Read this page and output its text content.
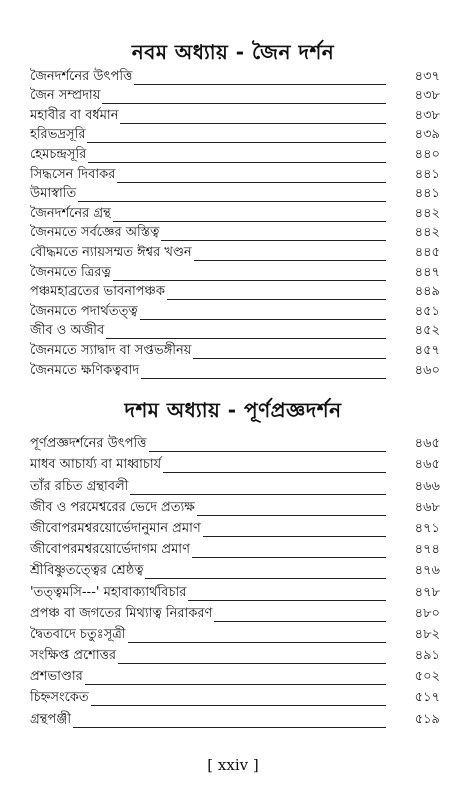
নবম অধ্যায় - জৈন দর্শন
জৈনদর্শনের উৎপত্তি	৪৩৭
জৈন সম্প্রদায়	৪৩৮
মহাবীর বা বর্ধমান	৪৩৮
হরিভদ্রসূরি	৪৩৯
হেমচন্দ্রসূরি	৪৪০
সিদ্ধসেন দিবাকর	৪৪১
উমাস্বাতি	৪৪১
জৈনদর্শনের গ্রন্থ	৪৪২
জৈনমতে সর্বজ্ঞের অস্তিত্ব	৪৪২
বৌদ্ধমতে ন্যায়সম্মত ঈশ্বর খণ্ডন	৪৪৫
জৈনমতে ত্রিরত্ন	৪৪৭
পঞ্চমহাব্রতের ভাবনাপঞ্চক	৪৪৯
জৈনমতে পদার্থতত্ত্ব	৪৫১
জীব ও অজীব	৪৫২
জৈনমতে স্যাদ্বাদ বা সপ্তভঙ্গীনয়	৪৫৭
জৈনমতে ক্ষণিকত্ববাদ	৪৬০
দশম অধ্যায় - পূর্ণপ্রজ্ঞদর্শন
পূর্ণপ্রজ্ঞদর্শনের উৎপত্তি	৪৬৫
মাধব আচার্য্য বা মাধ্বাচার্য	৪৬৫
তাঁর রচিত গ্রন্থাবলী	৪৬৬
জীব ও পরমেশ্বরের ভেদে প্রত্যক্ষ	৪৬৮
জীবোপরমশ্বরয়োর্ভেদানুমান প্রমাণ	৪৭১
জীবোপরমশ্বরয়োর্ভেদাগম প্রমাণ	৪৭৪
শ্রীবিষ্ণুতত্ত্বের শ্রেষ্ঠত্ব	৪৭৬
'তত্ত্বমসি---' মহাবাক্যার্থবিচার	৪৭৮
প্রপঞ্চ বা জগতের মিথ্যাত্ব নিরাকরণ	৪৮০
দ্বৈতবাদে চতুঃসূত্রী	৪৮২
সংক্ষিপ্ত প্রশোত্তর	৪৯১
প্রশভাণ্ডার	৫০২
চিহ্নসংকেত	৫১৭
গ্রন্থপঞ্জী	৫১৯
[ xxiv ]
